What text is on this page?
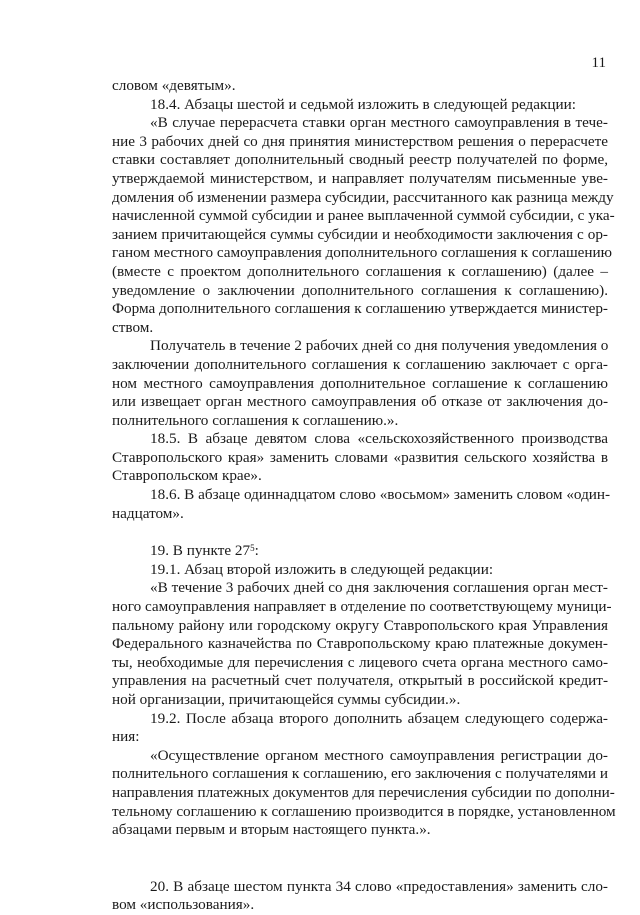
11
словом «девятым».
18.4. Абзацы шестой и седьмой изложить в следующей редакции:
«В случае перерасчета ставки орган местного самоуправления в тече-
ние 3 рабочих дней со дня принятия министерством решения о перерасчете
ставки составляет дополнительный сводный реестр получателей по форме,
утверждаемой министерством, и направляет получателям письменные уве-
домления об изменении размера субсидии, рассчитанного как разница между
начисленной суммой субсидии и ранее выплаченной суммой субсидии, с ука-
занием причитающейся суммы субсидии и необходимости заключения с ор-
ганом местного самоуправления дополнительного соглашения к соглашению
(вместе с проектом дополнительного соглашения к соглашению) (далее –
уведомление о заключении дополнительного соглашения к соглашению).
Форма дополнительного соглашения к соглашению утверждается министер-
ством.
Получатель в течение 2 рабочих дней со дня получения уведомления о
заключении дополнительного соглашения к соглашению заключает с орга-
ном местного самоуправления дополнительное соглашение к соглашению
или извещает орган местного самоуправления об отказе от заключения до-
полнительного соглашения к соглашению.».
18.5. В абзаце девятом слова «сельскохозяйственного производства
Ставропольского края» заменить словами «развития сельского хозяйства в
Ставропольском крае».
18.6. В абзаце одиннадцатом слово «восьмом» заменить словом «один-
надцатом».
19. В пункте $27^5$:
19.1. Абзац второй изложить в следующей редакции:
«В течение 3 рабочих дней со дня заключения соглашения орган мест-
ного самоуправления направляет в отделение по соответствующему муници-
пальному району или городскому округу Ставропольского края Управления
Федерального казначейства по Ставропольскому краю платежные докумен-
ты, необходимые для перечисления с лицевого счета органа местного само-
управления на расчетный счет получателя, открытый в российской кредит-
ной организации, причитающейся суммы субсидии.».
19.2. После абзаца второго дополнить абзацем следующего содержа-
ния:
«Осуществление органом местного самоуправления регистрации до-
полнительного соглашения к соглашению, его заключения с получателями и
направления платежных документов для перечисления субсидии по дополни-
тельному соглашению к соглашению производится в порядке, установленном
абзацами первым и вторым настоящего пункта.».
20. В абзаце шестом пункта 34 слово «предоставления» заменить сло-
вом «использования».
